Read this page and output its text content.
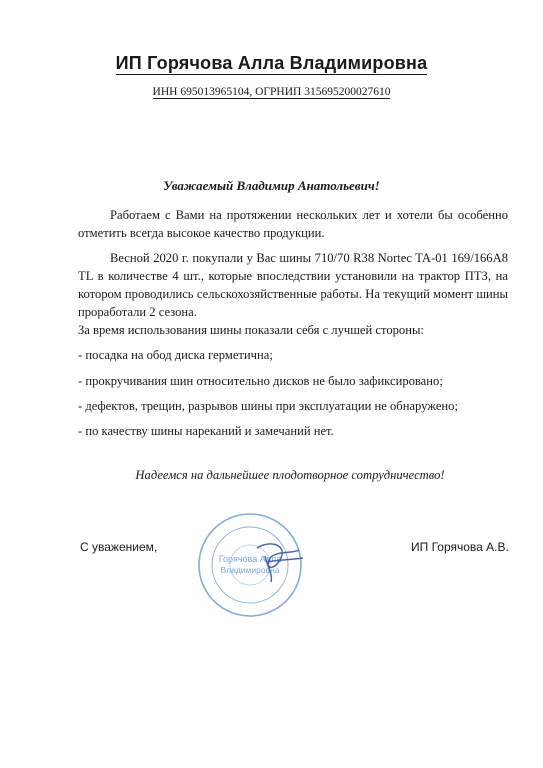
ИП Горячова Алла Владимировна
ИНН 695013965104, ОГРНИП 315695200027610
Уважаемый Владимир Анатольевич!
Работаем с Вами на протяжении нескольких лет и хотели бы особенно отметить всегда высокое качество продукции.
Весной 2020 г. покупали у Вас шины 710/70 R38 Nortec TA-01 169/166A8 TL в количестве 4 шт., которые впоследствии установили на трактор ПТЗ, на котором проводились сельскохозяйственные работы. На текущий момент шины проработали 2 сезона.
За время использования шины показали себя с лучшей стороны:
- посадка на обод диска герметична;
- прокручивания шин относительно дисков не было зафиксировано;
- дефектов, трещин, разрывов шины при эксплуатации не обнаружено;
- по качеству шины нареканий и замечаний нет.
Надеемся на дальнейшее плодотворное сотрудничество!
С уважением,	ИП Горячова А.В.
Горячова Алла
Владимировна
